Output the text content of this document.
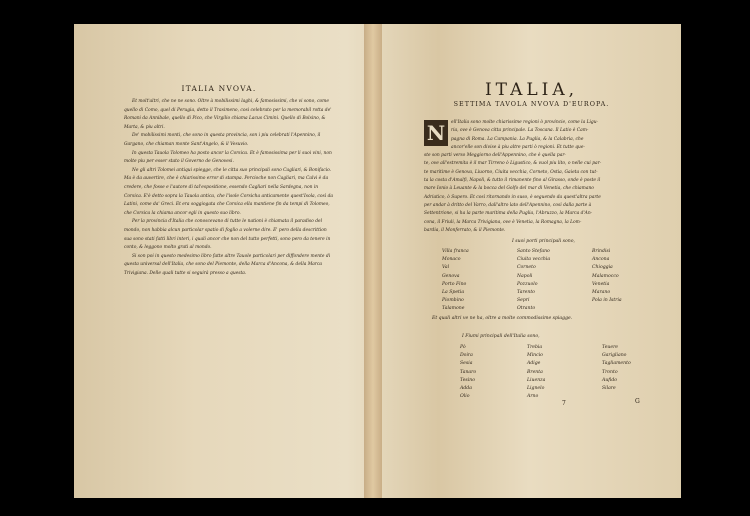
ITALIA NVOVA.

Et molt'altri, che ne ne sono. Oltre à mobilissimi laghi, & famosissimi, che vi sono, come quello di Como, quel di Perugia, detto il Trasimeno, cosi celebrato per la memorabil rotta de' Romani da Annibale, quello di Pico, che Virgilio chiama Lacus Cimini. Quello di Bolsino, & Marta, & piu altri.

De' mobilissimi monti, che sono in questa provincia, son i piu celebrati l'Apennino, il Gargano, che chiaman monte Sant'Angelo, & il Vesuvio.

In questa Tauola Tolomeo ha posto ancor la Corsica. Et è famosissima per li suoi vini, non molte piu per esser stato il Governo de Genovesi.

Ne gli altri Tolomei antiqui spiegge, che le citta suo principali sono Cagliari, & Bonifacio. Ma è da auvertire, che è chiarissimo error di stampa. Percioche non Cagliari, ma Calvi è da credere, che fosse e l'autore di tal'espositione, essendo Cagliari nella Sardegna, non in Corsica. E'è detto sopra la Tauola antica, che l'isole Corsicha anticamente quest'Isola, così da Latini, come da' Greci. Et era soggiogata che Corsica ella mantiene fin da tempi di Tolomeo, che Corsica la chiama ancor egli in questo suo libro.

Per la provincia d'Italia che conoscevano di tutte le nationi è chiamata il paradiso del mondo, non habbia alcun particolar spatio di foglio a volerne dire. E' pero della descrittion sua sono stati fatti libri interi, i quali ancor che non del tutto perfetti, sono pero da tenere in conto, & leggono molto grati al mondo.

Si son poi in questo medesimo libro fatte altre Tauole particolari per diffondere mente di questa universal dell'Italia, che sono del Piemonte, della Marca d'Ancona, & della Marca Trivigiana. Delle quali tutte si seguirà presso a questa.

ITALIA,
SETTIMA TAVOLA NVOVA D'EUROPA.
N	ell'Italia sono molte chiarissime regioni ò provincie, come la Ligu-
ria, ove è Genova citta principale. La Toscana. Il Latio è Cam-
pagna di Roma. La Campania. La Puglia, & la Calabria, che
ancor'elle son divise à piu altre parti ò regioni. Et tutte que-
ste son parti verso Meggiorno dell'Appennino, che è quella par-
te, ove all'estremita è il mar Tirreno ò Ligustico, & vuol piu lito, o nelle cui par-
te maritime è Genova, Liuorno, Ciuita vecchia, Corneto, Ostia, Gaieta con tut-
ta la costa d'Amalfi, Napoli, & tutto il rimanente fino al Girasso, onde è poste il
mare Ionio à Leuante & la bocca del Golfo del mar di Venetia, che chiamano
Adriatico, ò Supero. Et così ritornando in suso, è seguendo da quest'altra parte
per andar à dritto del Varro, dall'altro lato dell'Apennino, così dalla parte à
Settentrione, si ha la parte maritima della Puglia, l'Abruzzo, la Marca d'An-
cona, il Friuli, la Marca Trivigiana, ove è Venetia, la Romagna, la Lom-
bardia, il Monferrato, & il Piemonte.
I suoi porti principali sono,
Villa franca
Monaco
Val
Genova
Porto Fino
La Spetia
Piombino
Talamone
Santo Stefano
Ciuita vecchia
Corneto
Napoli
Pozzuolo
Tarento
Sepri
Otranto
Brindisi
Ancona
Chioggia
Malamocco
Venetia
Marano
Pola in Istria
Et quali altri ve ne ha, oltre a molte commodissime spiagge.
I Fiumi principali dell'Italia sono,
Pò
Doira
Sesia
Tanaro
Tesino
Adda
Olio
Trebia
Mincio
Adige
Brenta
Liuenza
Lignelo
Arno
Teuere
Garigliano
Tagliamento
Tronto
Aufido
Silare
7	G
